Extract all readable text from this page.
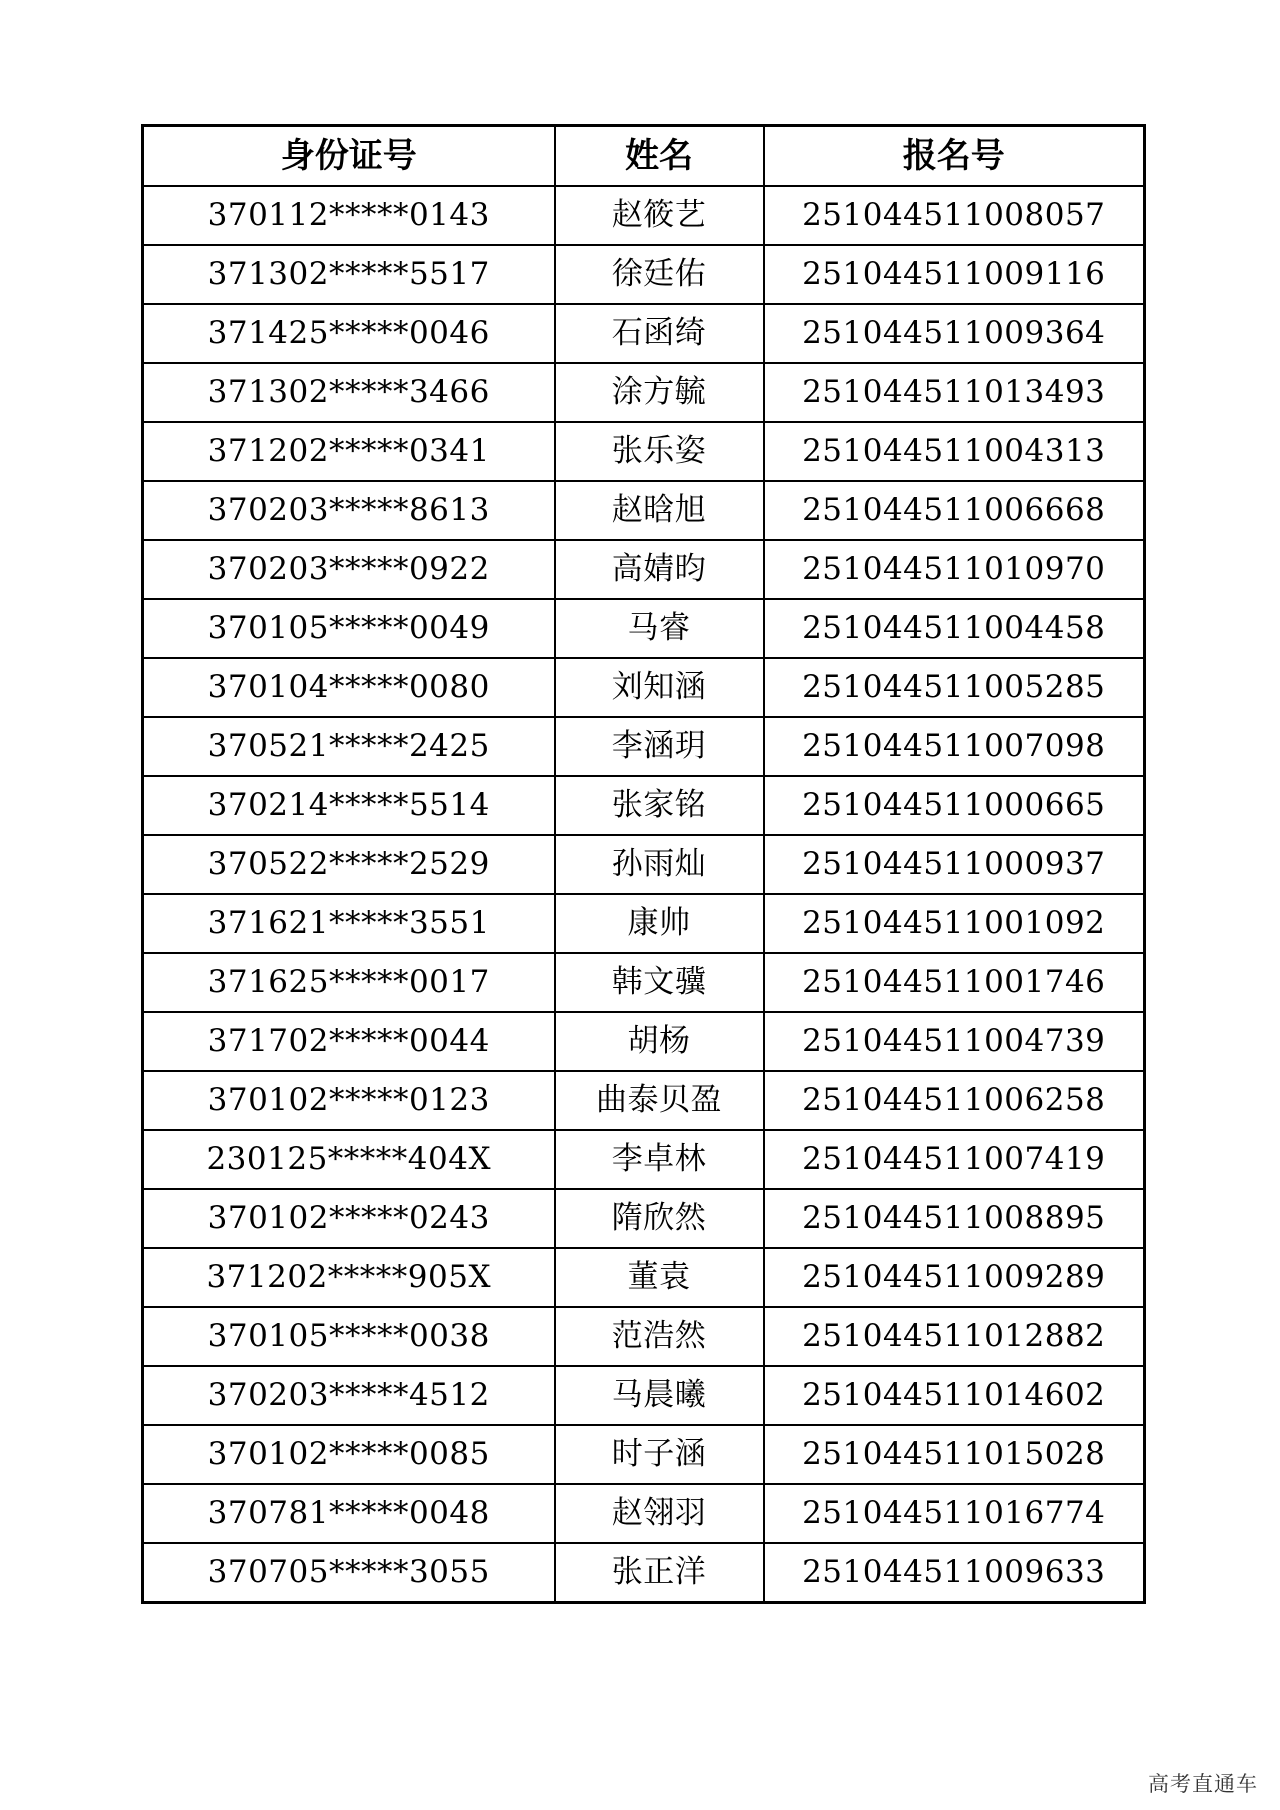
身份证号	姓名	报名号
370112*****0143	赵筱艺	251044511008057
371302*****5517	徐廷佑	251044511009116
371425*****0046	石函绮	251044511009364
371302*****3466	涂方毓	251044511013493
371202*****0341	张乐姿	251044511004313
370203*****8613	赵晗旭	251044511006668
370203*****0922	高婧昀	251044511010970
370105*****0049	马睿	251044511004458
370104*****0080	刘知涵	251044511005285
370521*****2425	李涵玥	251044511007098
370214*****5514	张家铭	251044511000665
370522*****2529	孙雨灿	251044511000937
371621*****3551	康帅	251044511001092
371625*****0017	韩文骥	251044511001746
371702*****0044	胡杨	251044511004739
370102*****0123	曲泰贝盈	251044511006258
230125*****404X	李卓林	251044511007419
370102*****0243	隋欣然	251044511008895
371202*****905X	董袁	251044511009289
370105*****0038	范浩然	251044511012882
370203*****4512	马晨曦	251044511014602
370102*****0085	时子涵	251044511015028
370781*****0048	赵翎羽	251044511016774
370705*****3055	张正洋	251044511009633
高考直通车
